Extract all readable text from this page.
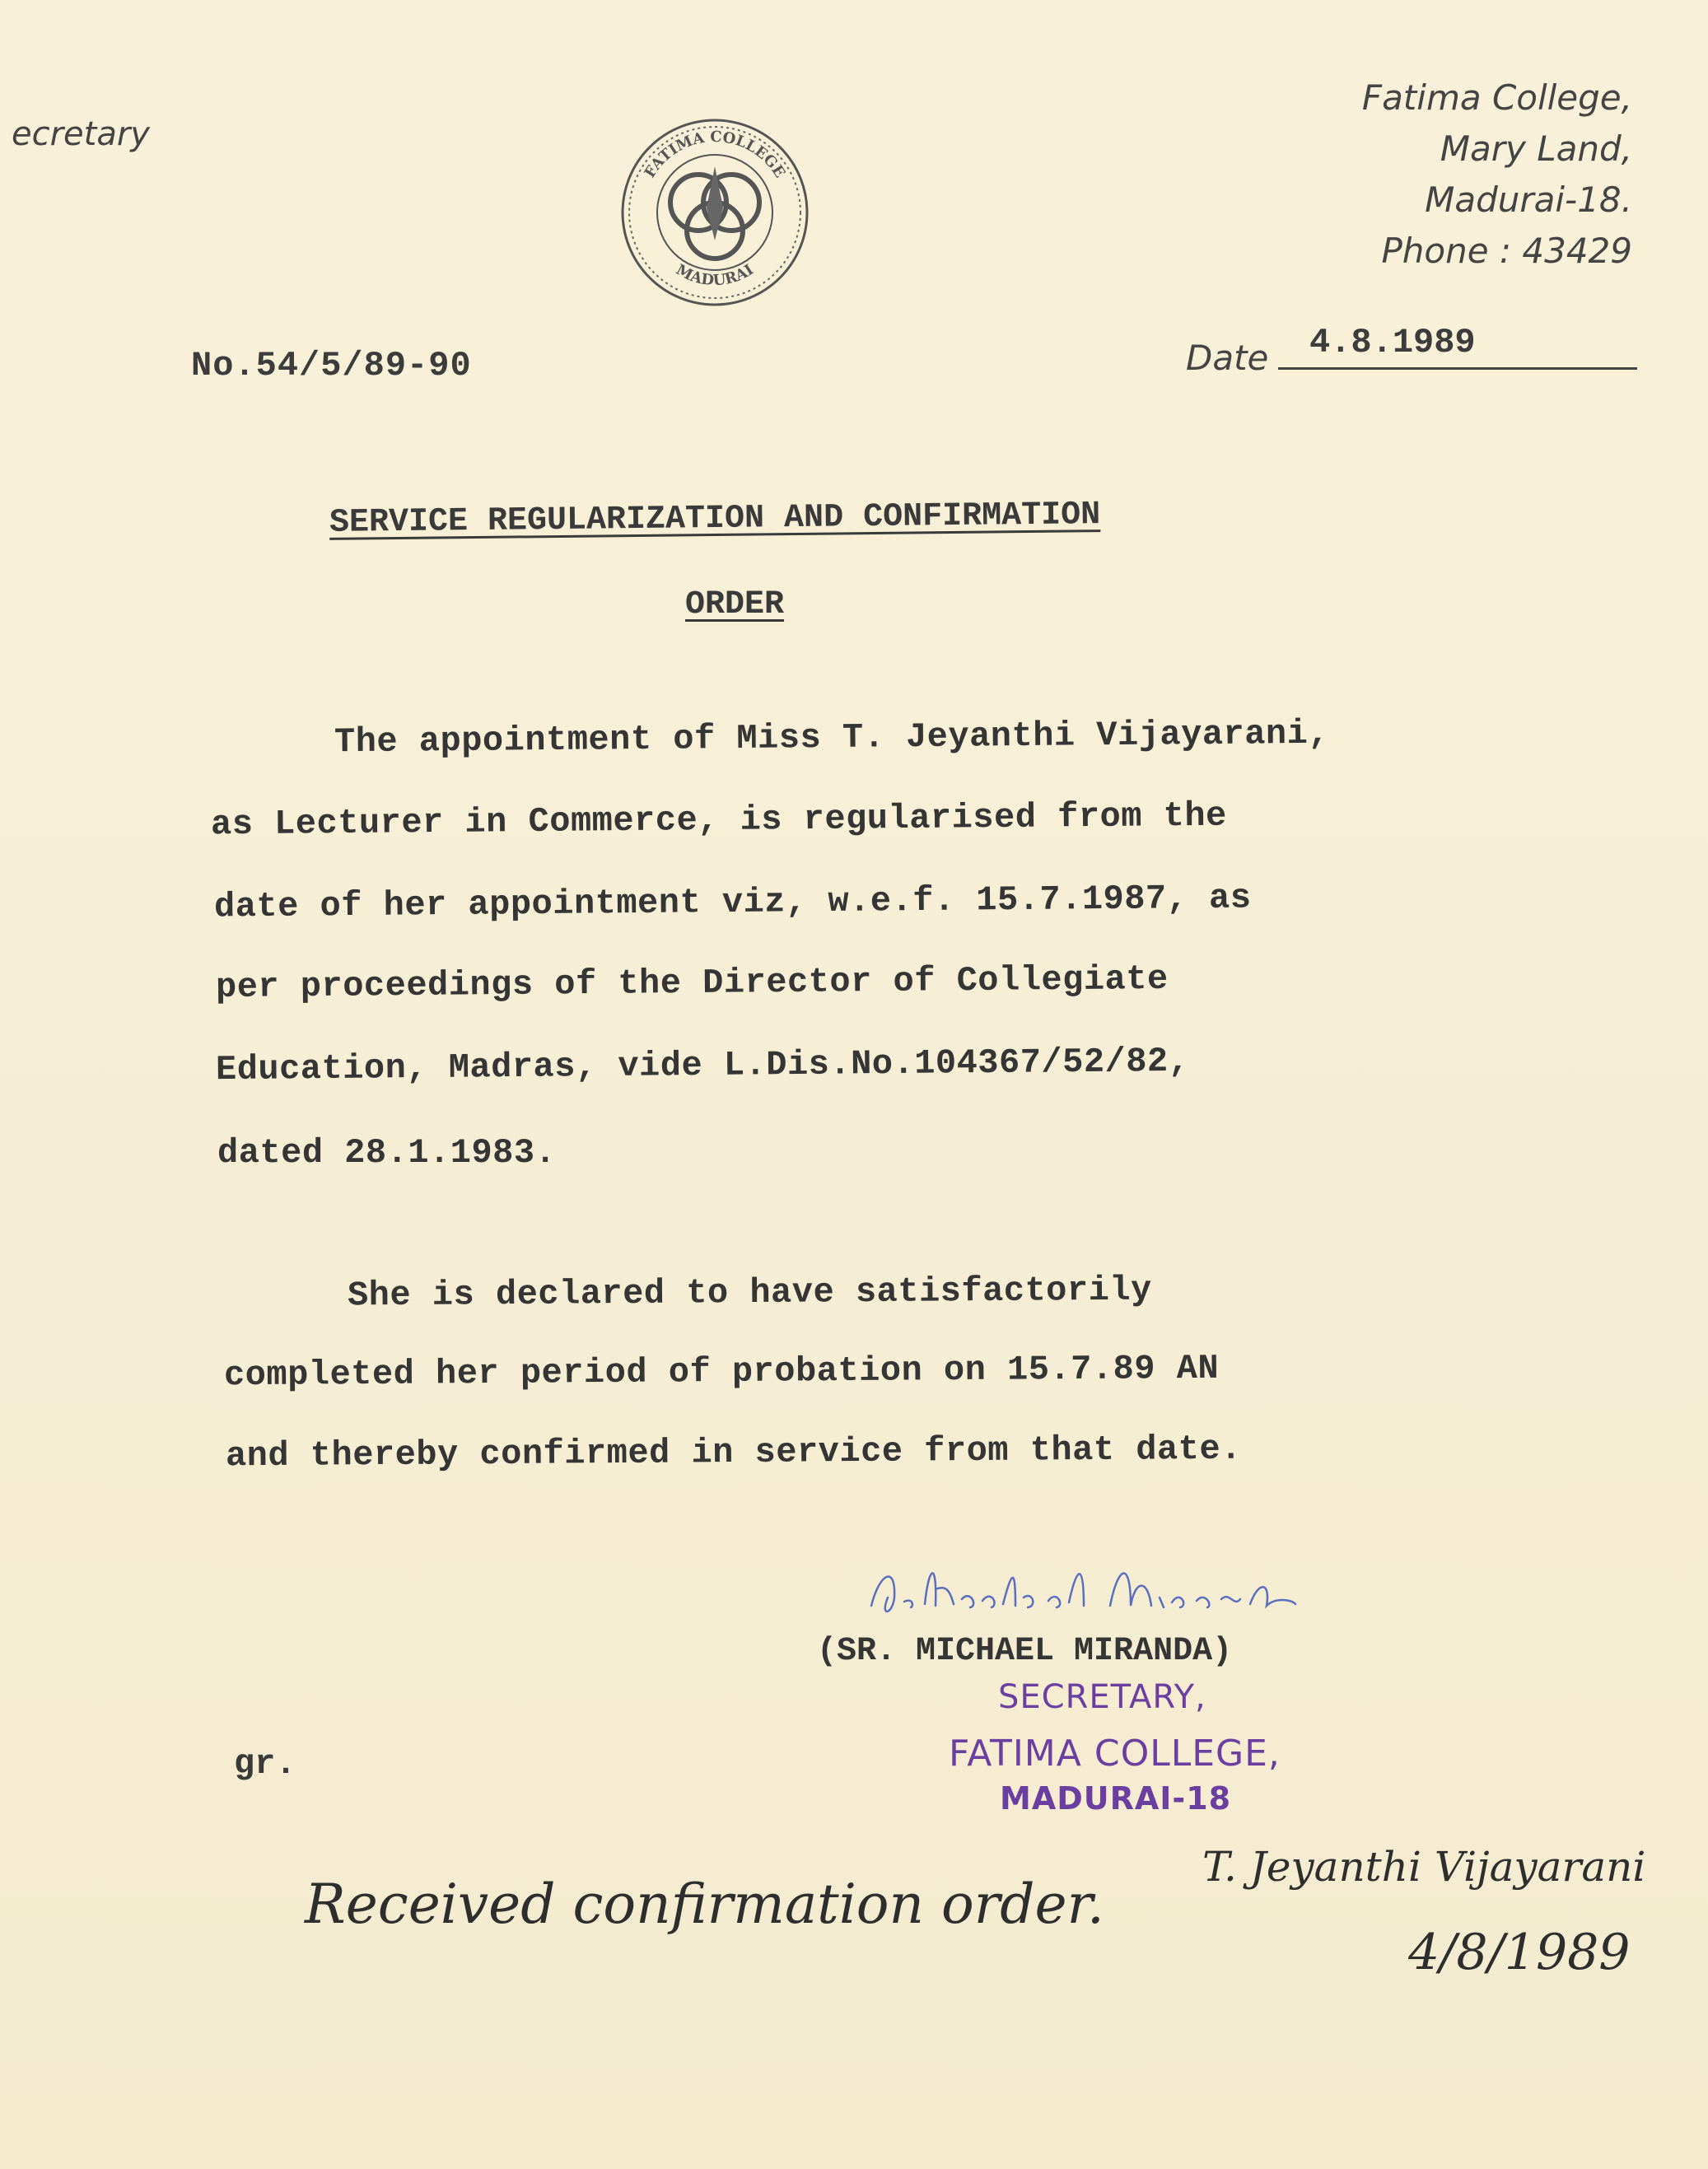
ecretary
Fatima College,
Mary Land,
Madurai-18.
Phone : 43429
FATIMA COLLEGE
MADURAI
No.54/5/89-90	Date 4.8.1989
SERVICE REGULARIZATION AND CONFIRMATION
ORDER
The appointment of Miss T. Jeyanthi Vijayarani,
as Lecturer in Commerce, is regularised from the
date of her appointment viz, w.e.f. 15.7.1987, as
per proceedings of the Director of Collegiate
Education, Madras, vide L.Dis.No.104367/52/82,
dated 28.1.1983.
She is declared to have satisfactorily
completed her period of probation on 15.7.89 AN
and thereby confirmed in service from that date.
(SR. MICHAEL MIRANDA)
SECRETARY,
FATIMA COLLEGE,
MADURAI-18
gr.
Received confirmation order.
T. Jeyanthi Vijayarani
4/8/1989
